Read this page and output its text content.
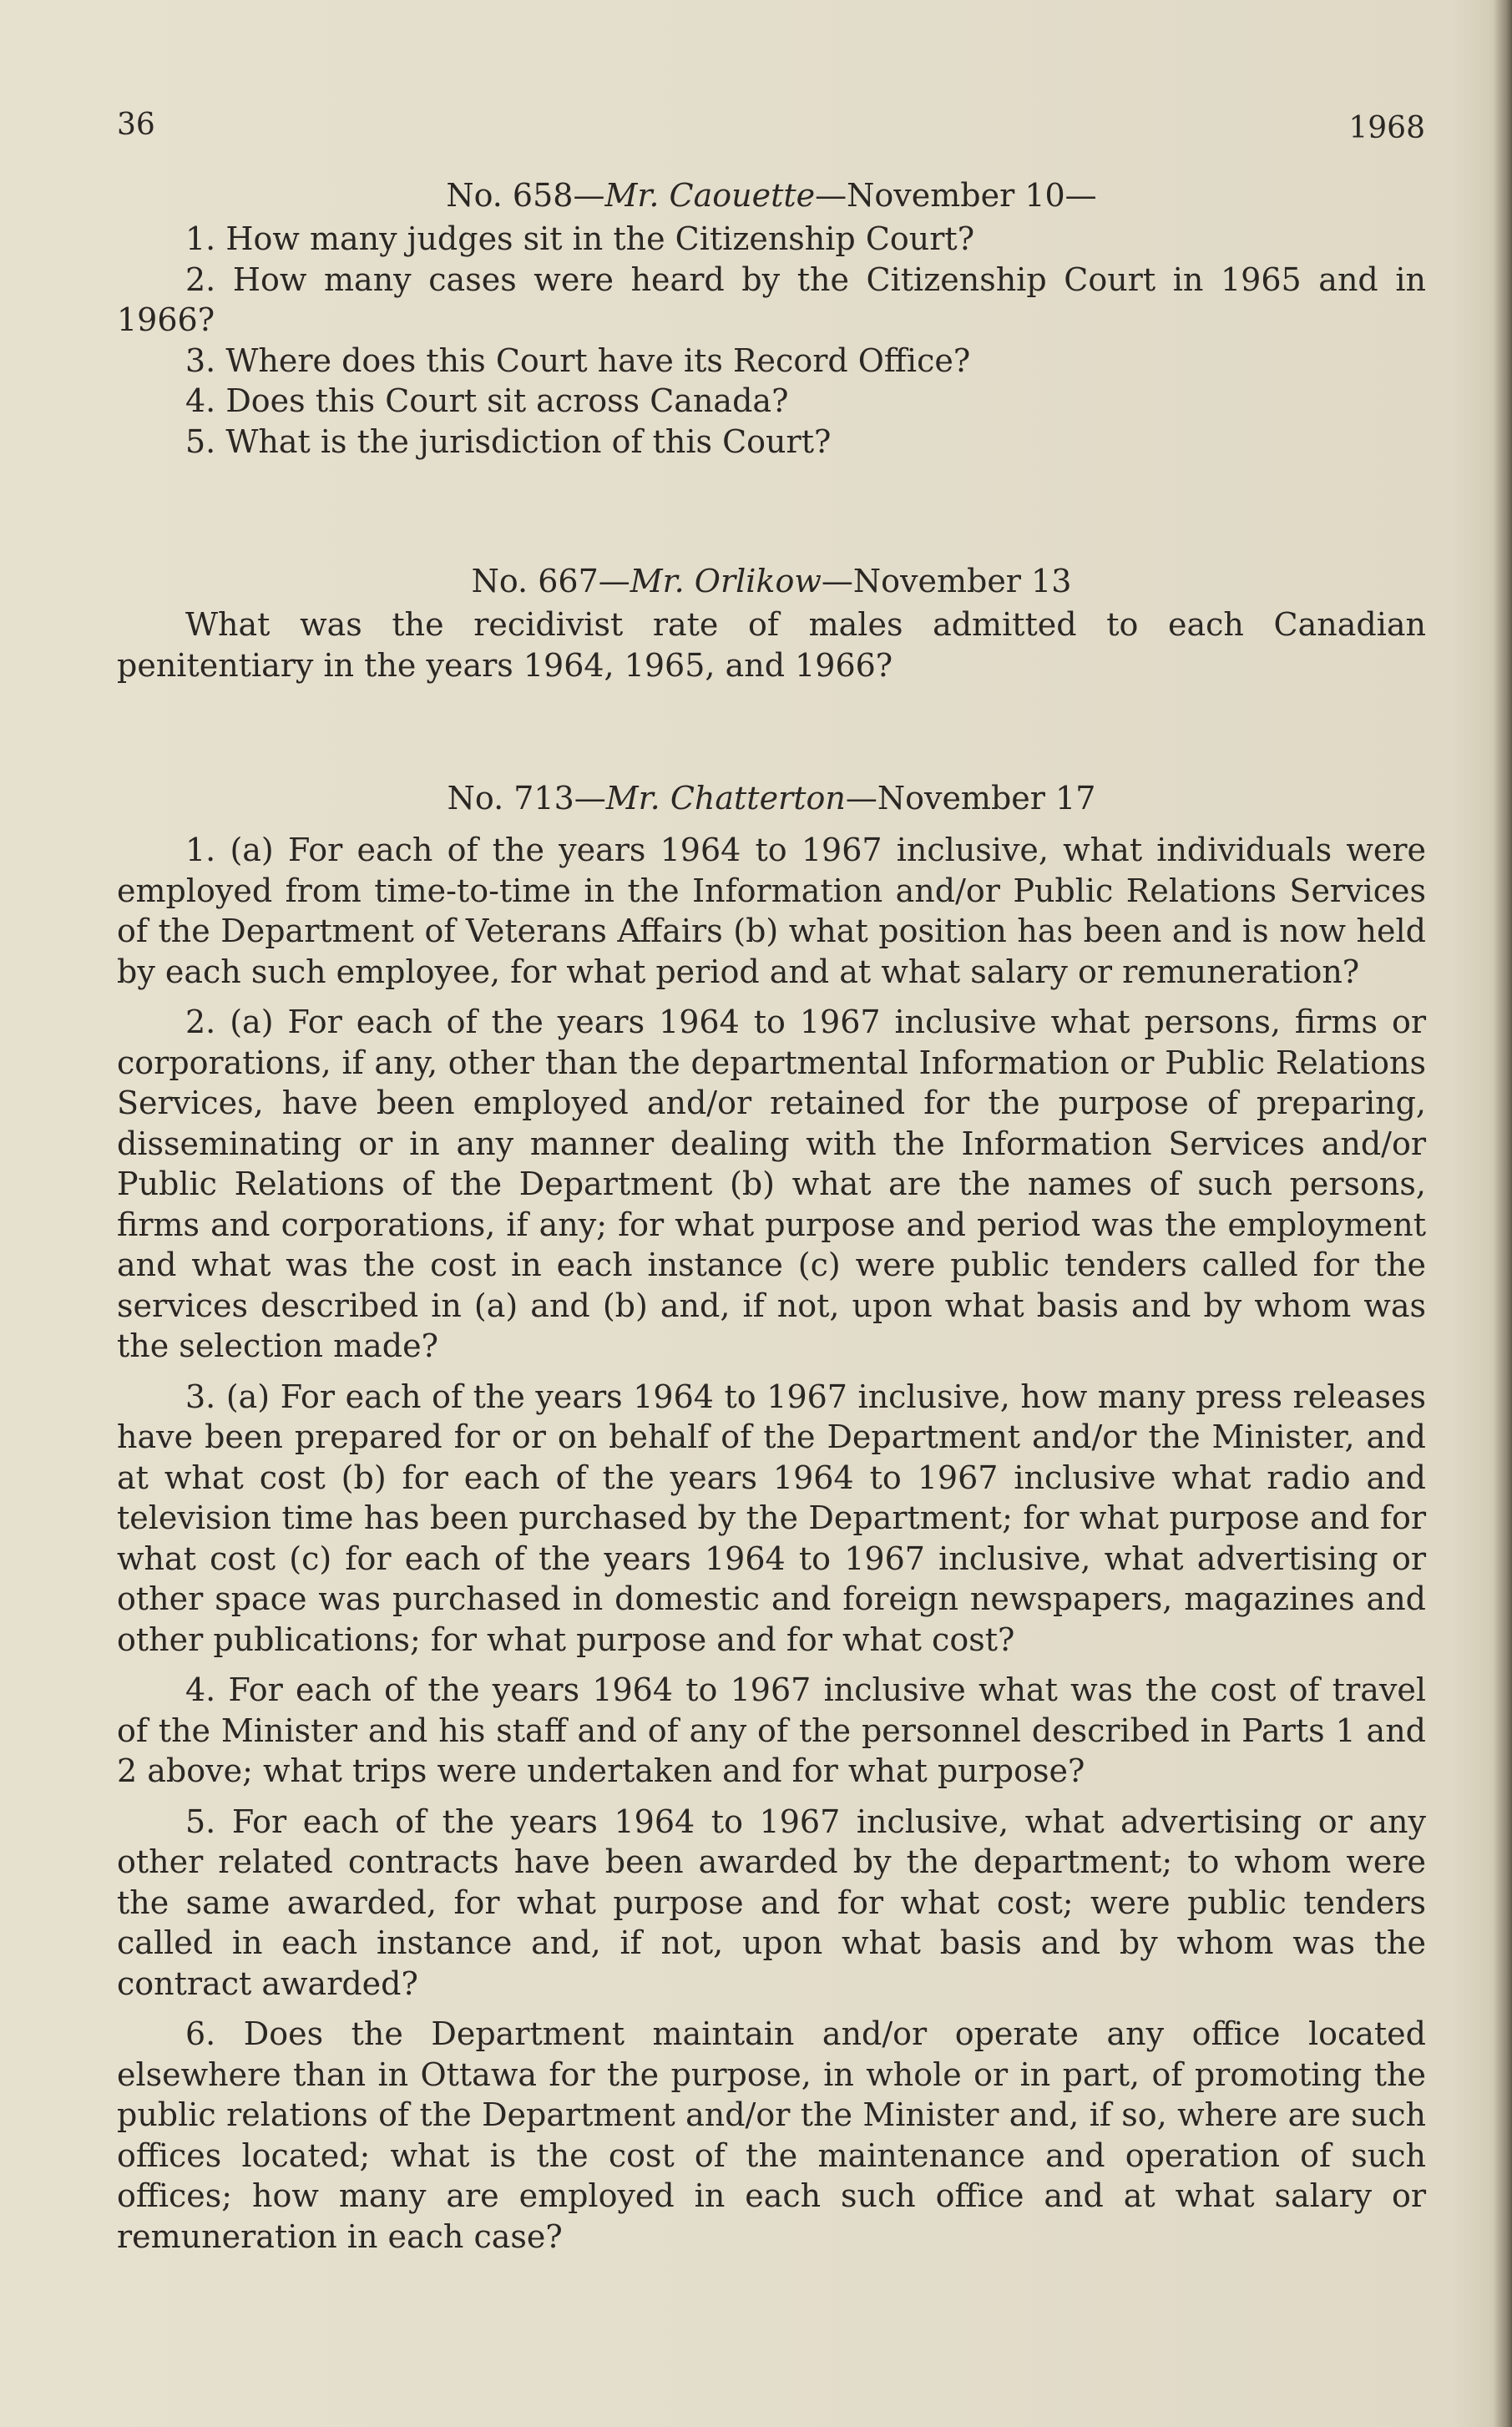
36	1968
No. 658—Mr. Caouette—November 10—

1. How many judges sit in the Citizenship Court?

2. How many cases were heard by the Citizenship Court in 1965 and in 1966?

3. Where does this Court have its Record Office?

4. Does this Court sit across Canada?

5. What is the jurisdiction of this Court?

No. 667—Mr. Orlikow—November 13

What was the recidivist rate of males admitted to each Canadian penitentiary in the years 1964, 1965, and 1966?

No. 713—Mr. Chatterton—November 17

1. (a) For each of the years 1964 to 1967 inclusive, what individuals were employed from time-to-time in the Information and/or Public Relations Services of the Department of Veterans Affairs (b) what position has been and is now held by each such employee, for what period and at what salary or remuneration?

2. (a) For each of the years 1964 to 1967 inclusive what persons, firms or corporations, if any, other than the departmental Information or Public Relations Services, have been employed and/or retained for the purpose of preparing, disseminating or in any manner dealing with the Information Services and/or Public Relations of the Department (b) what are the names of such persons, firms and corporations, if any; for what purpose and period was the employment and what was the cost in each instance (c) were public tenders called for the services described in (a) and (b) and, if not, upon what basis and by whom was the selection made?

3. (a) For each of the years 1964 to 1967 inclusive, how many press releases have been prepared for or on behalf of the Department and/or the Minister, and at what cost (b) for each of the years 1964 to 1967 inclusive what radio and television time has been purchased by the Department; for what purpose and for what cost (c) for each of the years 1964 to 1967 inclusive, what advertising or other space was purchased in domestic and foreign newspapers, magazines and other publications; for what purpose and for what cost?

4. For each of the years 1964 to 1967 inclusive what was the cost of travel of the Minister and his staff and of any of the personnel described in Parts 1 and 2 above; what trips were undertaken and for what purpose?

5. For each of the years 1964 to 1967 inclusive, what advertising or any other related contracts have been awarded by the department; to whom were the same awarded, for what purpose and for what cost; were public tenders called in each instance and, if not, upon what basis and by whom was the contract awarded?

6. Does the Department maintain and/or operate any office located elsewhere than in Ottawa for the purpose, in whole or in part, of promoting the public relations of the Department and/or the Minister and, if so, where are such offices located; what is the cost of the maintenance and operation of such offices; how many are employed in each such office and at what salary or remuneration in each case?
